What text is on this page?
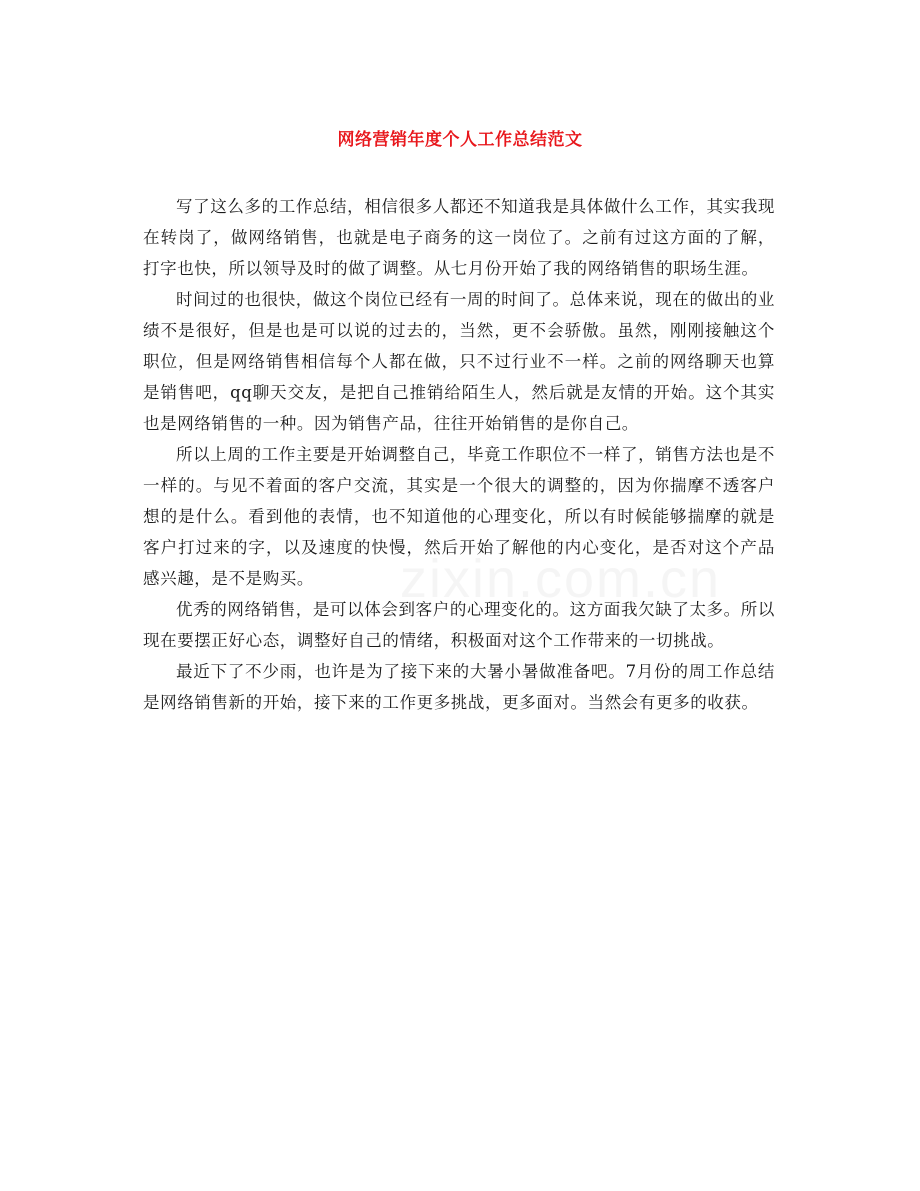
zixin.com.cn
网络营销年度个人工作总结范文

写了这么多的工作总结，相信很多人都还不知道我是具体做什么工作，其实我现在转岗了，做网络销售，也就是电子商务的这一岗位了。之前有过这方面的了解，打字也快，所以领导及时的做了调整。从七月份开始了我的网络销售的职场生涯。

时间过的也很快，做这个岗位已经有一周的时间了。总体来说，现在的做出的业绩不是很好，但是也是可以说的过去的，当然，更不会骄傲。虽然，刚刚接触这个职位，但是网络销售相信每个人都在做，只不过行业不一样。之前的网络聊天也算是销售吧，qq聊天交友，是把自己推销给陌生人，然后就是友情的开始。这个其实也是网络销售的一种。因为销售产品，往往开始销售的是你自己。

所以上周的工作主要是开始调整自己，毕竟工作职位不一样了，销售方法也是不一样的。与见不着面的客户交流，其实是一个很大的调整的，因为你揣摩不透客户想的是什么。看到他的表情，也不知道他的心理变化，所以有时候能够揣摩的就是客户打过来的字，以及速度的快慢，然后开始了解他的内心变化，是否对这个产品感兴趣，是不是购买。

优秀的网络销售，是可以体会到客户的心理变化的。这方面我欠缺了太多。所以现在要摆正好心态，调整好自己的情绪，积极面对这个工作带来的一切挑战。

最近下了不少雨，也许是为了接下来的大暑小暑做准备吧。7月份的周工作总结是网络销售新的开始，接下来的工作更多挑战，更多面对。当然会有更多的收获。
